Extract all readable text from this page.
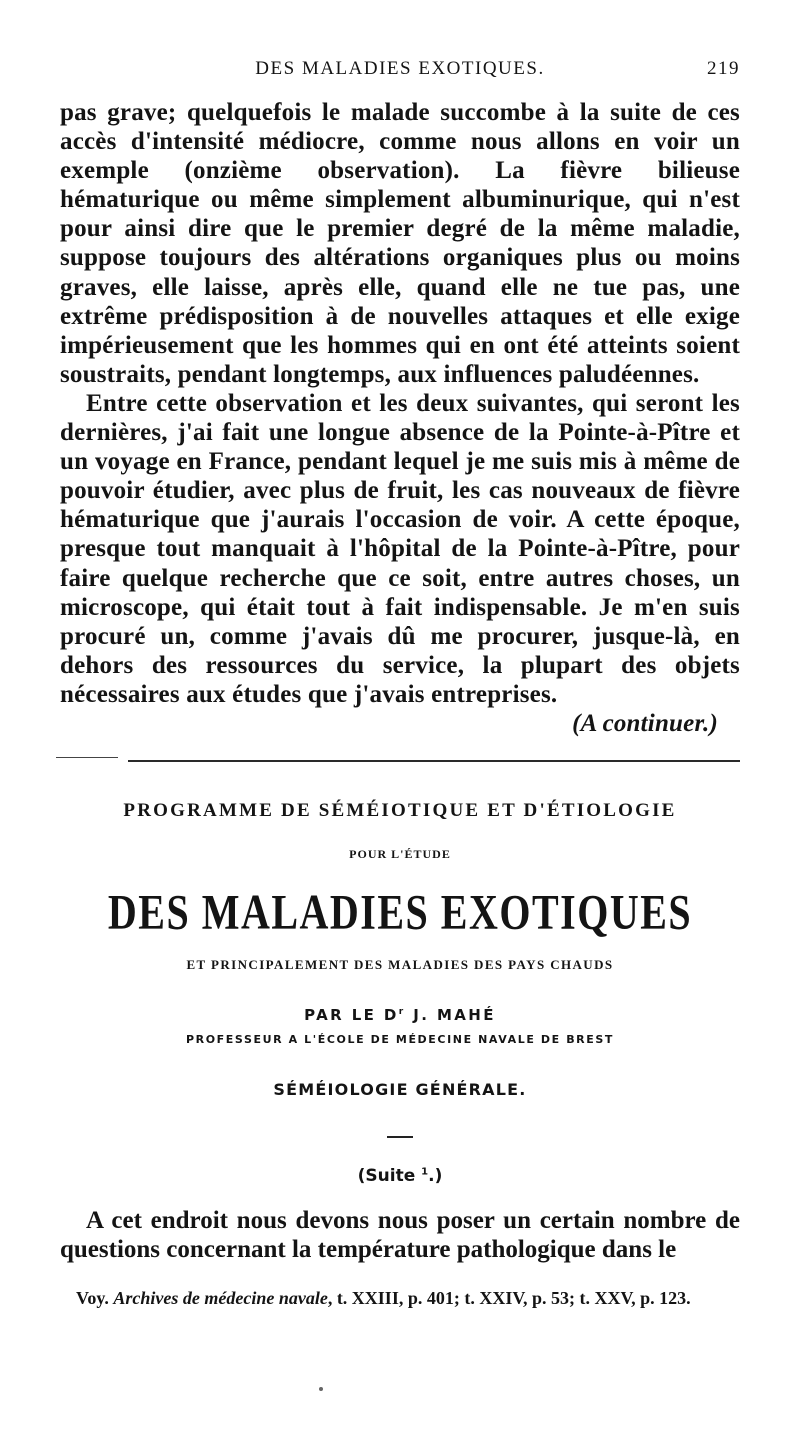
DES MALADIES EXOTIQUES.	219

pas grave; quelquefois le malade succombe à la suite de ces accès d'intensité médiocre, comme nous allons en voir un exemple (onzième observation). La fièvre bilieuse hématurique ou même simplement albuminurique, qui n'est pour ainsi dire que le premier degré de la même maladie, suppose toujours des altérations organiques plus ou moins graves, elle laisse, après elle, quand elle ne tue pas, une extrême prédisposition à de nouvelles attaques et elle exige impérieusement que les hommes qui en ont été atteints soient soustraits, pendant longtemps, aux influences paludéennes.

Entre cette observation et les deux suivantes, qui seront les dernières, j'ai fait une longue absence de la Pointe-à-Pître et un voyage en France, pendant lequel je me suis mis à même de pouvoir étudier, avec plus de fruit, les cas nouveaux de fièvre hématurique que j'aurais l'occasion de voir. A cette époque, presque tout manquait à l'hôpital de la Pointe-à-Pître, pour faire quelque recherche que ce soit, entre autres choses, un microscope, qui était tout à fait indispensable. Je m'en suis procuré un, comme j'avais dû me procurer, jusque-là, en dehors des ressources du service, la plupart des objets nécessaires aux études que j'avais entreprises.
(A continuer.)

PROGRAMME DE SÉMÉIOTIQUE ET D'ÉTIOLOGIE
POUR L'ÉTUDE
DES MALADIES EXOTIQUES
ET PRINCIPALEMENT DES MALADIES DES PAYS CHAUDS
PAR LE $D^r$ J. MAHÉ
PROFESSEUR A L'ÉCOLE DE MÉDECINE NAVALE DE BREST
SÉMÉIOLOGIE GÉNÉRALE.
(Suite $^1$.)

A cet endroit nous devons nous poser un certain nombre de questions concernant la température pathologique dans le

Voy. Archives de médecine navale, t. XXIII, p. 401; t. XXIV, p. 53; t. XXV, p. 123.
